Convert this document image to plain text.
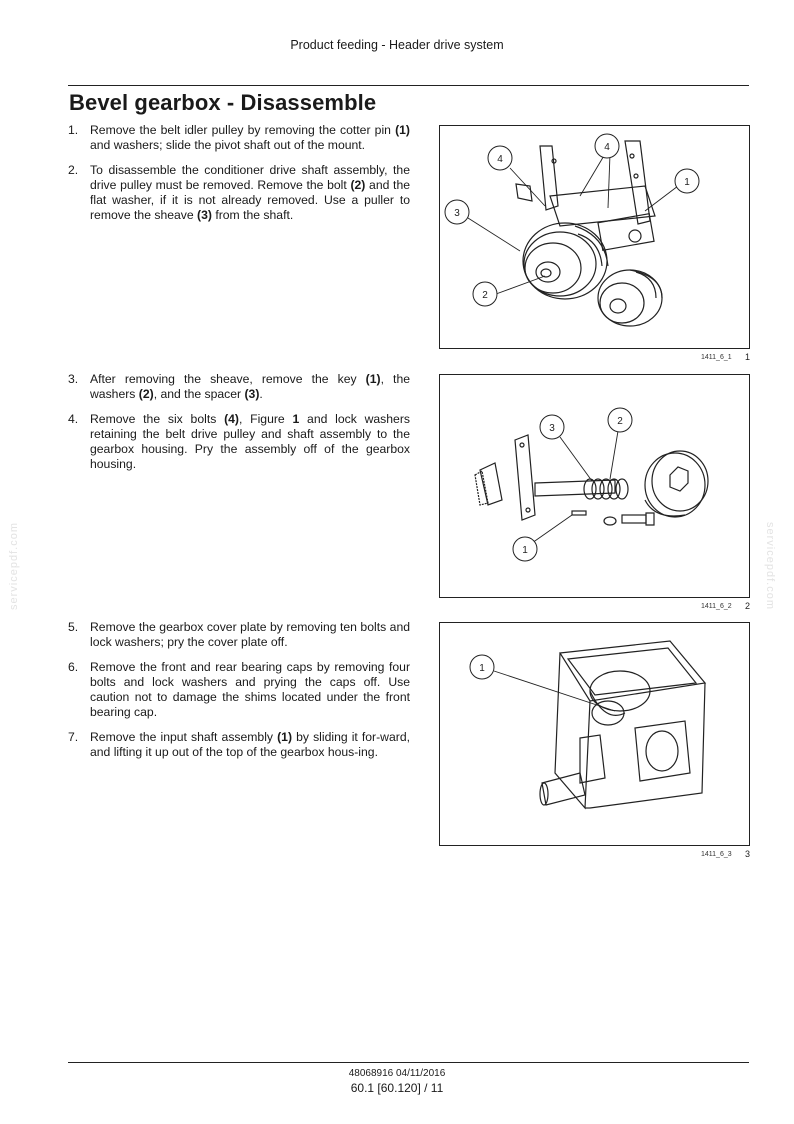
Product feeding - Header drive system
Bevel gearbox - Disassemble
1. Remove the belt idler pulley by removing the cotter pin (1) and washers; slide the pivot shaft out of the mount.
2. To disassemble the conditioner drive shaft assembly, the drive pulley must be removed. Remove the bolt (2) and the flat washer, if it is not already removed. Use a puller to remove the sheave (3) from the shaft.
3. After removing the sheave, remove the key (1), the washers (2), and the spacer (3).
4. Remove the six bolts (4), Figure 1 and lock washers retaining the belt drive pulley and shaft assembly to the gearbox housing. Pry the assembly off of the gearbox housing.
5. Remove the gearbox cover plate by removing ten bolts and lock washers; pry the cover plate off.
6. Remove the front and rear bearing caps by removing four bolts and lock washers and prying the caps off. Use caution not to damage the shims located under the front bearing cap.
7. Remove the input shaft assembly (1) by sliding it for-ward, and lifting it up out of the top of the gearbox hous-ing.
4
4
1
3
2
1411_6_1 1
3
2
1
1411_6_2 2
1
1411_6_3 3
servicepdf.com	servicepdf.com
48068916 04/11/2016
60.1 [60.120] / 11
